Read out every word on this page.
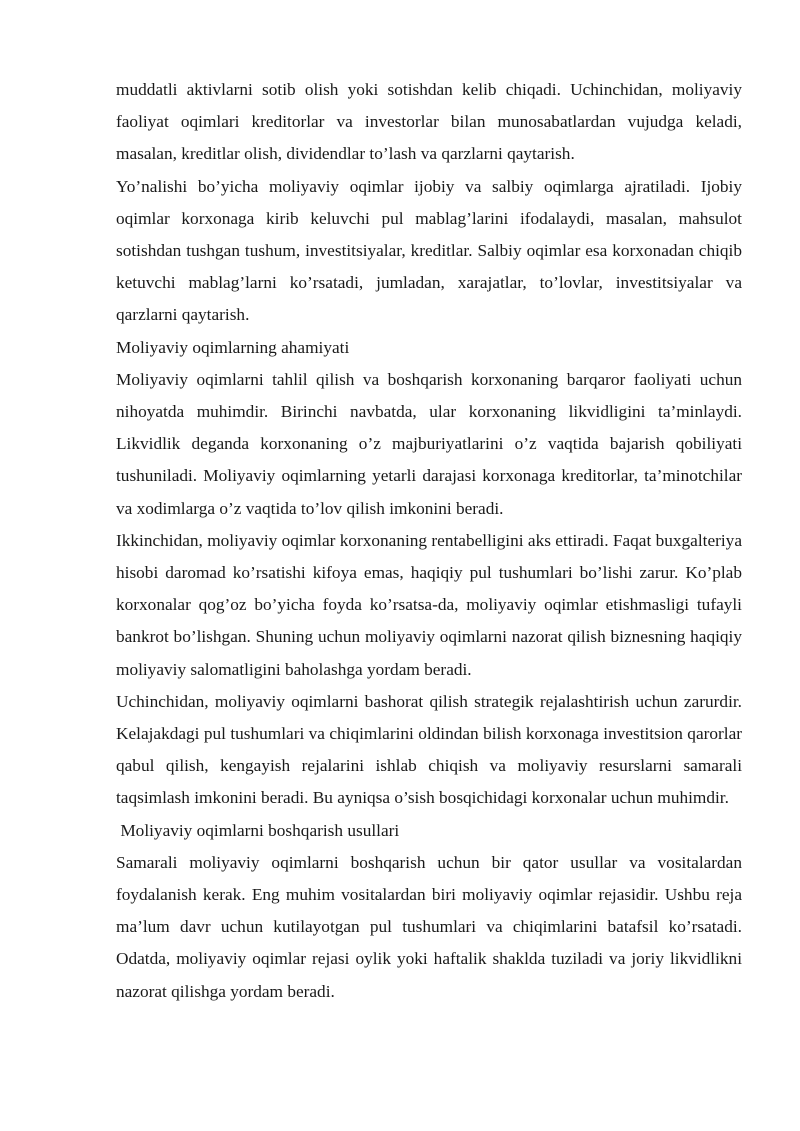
muddatli aktivlarni sotib olish yoki sotishdan kelib chiqadi. Uchinchidan, moliyaviy faoliyat oqimlari kreditorlar va investorlar bilan munosabatlardan vujudga keladi, masalan, kreditlar olish, dividendlar to’lash va qarzlarni qaytarish.

Yo’nalishi bo’yicha moliyaviy oqimlar ijobiy va salbiy oqimlarga ajratiladi. Ijobiy oqimlar korxonaga kirib keluvchi pul mablag’larini ifodalaydi, masalan, mahsulot sotishdan tushgan tushum, investitsiyalar, kreditlar. Salbiy oqimlar esa korxonadan chiqib ketuvchi mablag’larni ko’rsatadi, jumladan, xarajatlar, to’lovlar, investitsiyalar va qarzlarni qaytarish.

Moliyaviy oqimlarning ahamiyati

Moliyaviy oqimlarni tahlil qilish va boshqarish korxonaning barqaror faoliyati uchun nihoyatda muhimdir. Birinchi navbatda, ular korxonaning likvidligini ta’minlaydi. Likvidlik deganda korxonaning o’z majburiyatlarini o’z vaqtida bajarish qobiliyati tushuniladi. Moliyaviy oqimlarning yetarli darajasi korxonaga kreditorlar, ta’minotchilar va xodimlarga o’z vaqtida to’lov qilish imkonini beradi.

Ikkinchidan, moliyaviy oqimlar korxonaning rentabelligini aks ettiradi. Faqat buxgalteriya hisobi daromad ko’rsatishi kifoya emas, haqiqiy pul tushumlari bo’lishi zarur. Ko’plab korxonalar qog’oz bo’yicha foyda ko’rsatsa-da, moliyaviy oqimlar etishmasligi tufayli bankrot bo’lishgan. Shuning uchun moliyaviy oqimlarni nazorat qilish biznesning haqiqiy moliyaviy salomatligini baholashga yordam beradi.

Uchinchidan, moliyaviy oqimlarni bashorat qilish strategik rejalashtirish uchun zarurdir. Kelajakdagi pul tushumlari va chiqimlarini oldindan bilish korxonaga investitsion qarorlar qabul qilish, kengayish rejalarini ishlab chiqish va moliyaviy resurslarni samarali taqsimlash imkonini beradi. Bu ayniqsa o’sish bosqichidagi korxonalar uchun muhimdir.

Moliyaviy oqimlarni boshqarish usullari

Samarali moliyaviy oqimlarni boshqarish uchun bir qator usullar va vositalardan foydalanish kerak. Eng muhim vositalardan biri moliyaviy oqimlar rejasidir. Ushbu reja ma’lum davr uchun kutilayotgan pul tushumlari va chiqimlarini batafsil ko’rsatadi. Odatda, moliyaviy oqimlar rejasi oylik yoki haftalik shaklda tuziladi va joriy likvidlikni nazorat qilishga yordam beradi.
